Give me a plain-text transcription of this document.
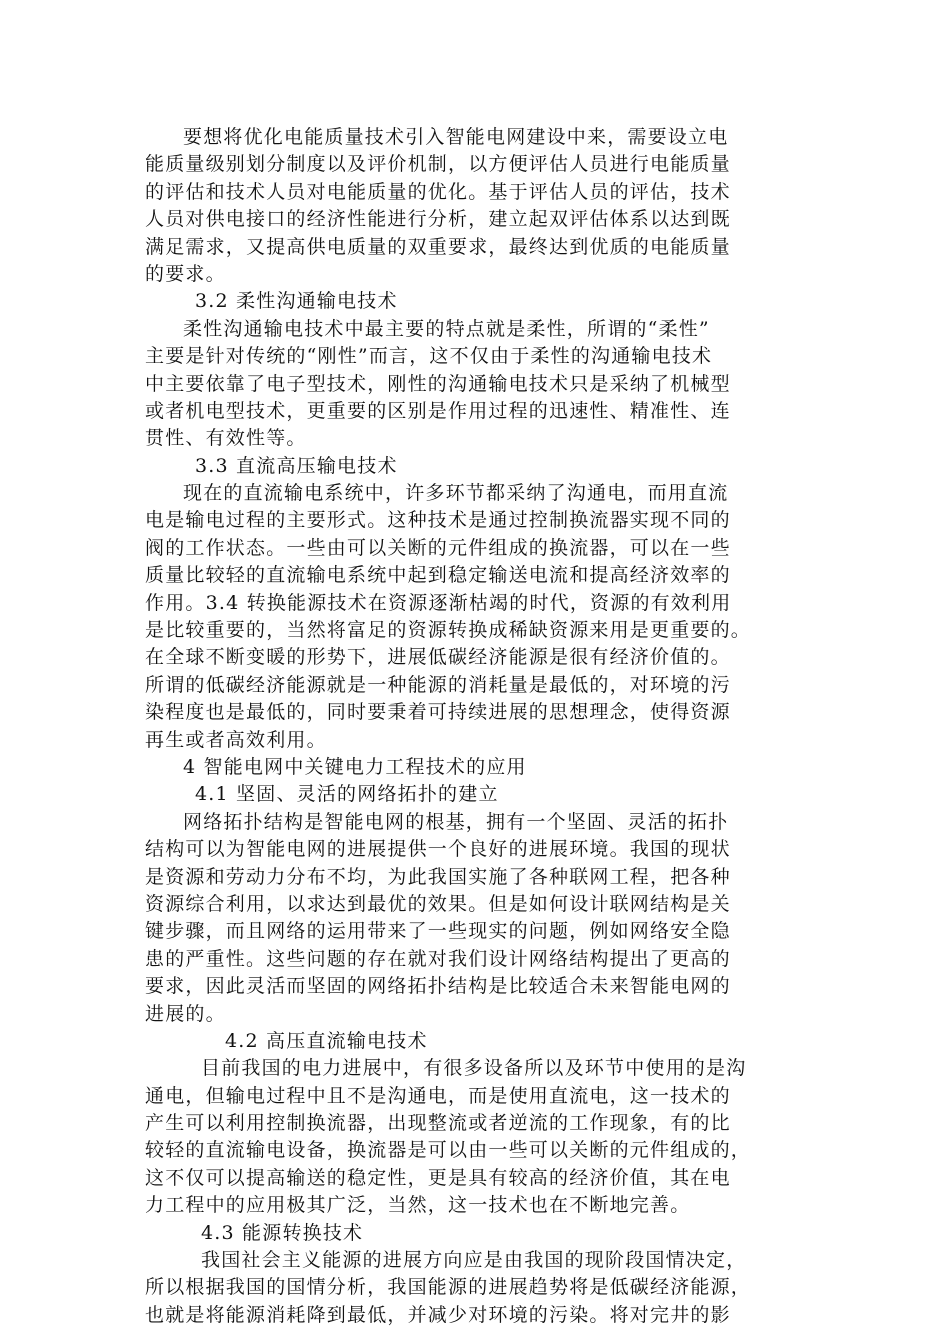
要想将优化电能质量技术引入智能电网建设中来，需要设立电
能质量级别划分制度以及评价机制，以方便评估人员进行电能质量
的评估和技术人员对电能质量的优化。基于评估人员的评估，技术
人员对供电接口的经济性能进行分析，建立起双评估体系以达到既
满足需求，又提高供电质量的双重要求，最终达到优质的电能质量
的要求。
3.2 柔性沟通输电技术
柔性沟通输电技术中最主要的特点就是柔性，所谓的“柔性”
主要是针对传统的“刚性”而言，这不仅由于柔性的沟通输电技术
中主要依靠了电子型技术，刚性的沟通输电技术只是采纳了机械型
或者机电型技术，更重要的区别是作用过程的迅速性、精准性、连
贯性、有效性等。
3.3 直流高压输电技术
现在的直流输电系统中，许多环节都采纳了沟通电，而用直流
电是输电过程的主要形式。这种技术是通过控制换流器实现不同的
阀的工作状态。一些由可以关断的元件组成的换流器，可以在一些
质量比较轻的直流输电系统中起到稳定输送电流和提高经济效率的
作用。3.4 转换能源技术在资源逐渐枯竭的时代，资源的有效利用
是比较重要的，当然将富足的资源转换成稀缺资源来用是更重要的。
在全球不断变暖的形势下，进展低碳经济能源是很有经济价值的。
所谓的低碳经济能源就是一种能源的消耗量是最低的，对环境的污
染程度也是最低的，同时要秉着可持续进展的思想理念，使得资源
再生或者高效利用。
4 智能电网中关键电力工程技术的应用
4.1 坚固、灵活的网络拓扑的建立
网络拓扑结构是智能电网的根基，拥有一个坚固、灵活的拓扑
结构可以为智能电网的进展提供一个良好的进展环境。我国的现状
是资源和劳动力分布不均，为此我国实施了各种联网工程，把各种
资源综合利用，以求达到最优的效果。但是如何设计联网结构是关
键步骤，而且网络的运用带来了一些现实的问题，例如网络安全隐
患的严重性。这些问题的存在就对我们设计网络结构提出了更高的
要求，因此灵活而坚固的网络拓扑结构是比较适合未来智能电网的
进展的。
4.2 高压直流输电技术
目前我国的电力进展中，有很多设备所以及环节中使用的是沟
通电，但输电过程中且不是沟通电，而是使用直流电，这一技术的
产生可以利用控制换流器，出现整流或者逆流的工作现象，有的比
较轻的直流输电设备，换流器是可以由一些可以关断的元件组成的，
这不仅可以提高输送的稳定性，更是具有较高的经济价值，其在电
力工程中的应用极其广泛，当然，这一技术也在不断地完善。
4.3 能源转换技术
我国社会主义能源的进展方向应是由我国的现阶段国情决定，
所以根据我国的国情分析，我国能源的进展趋势将是低碳经济能源，
也就是将能源消耗降到最低，并减少对环境的污染。将对完井的影
